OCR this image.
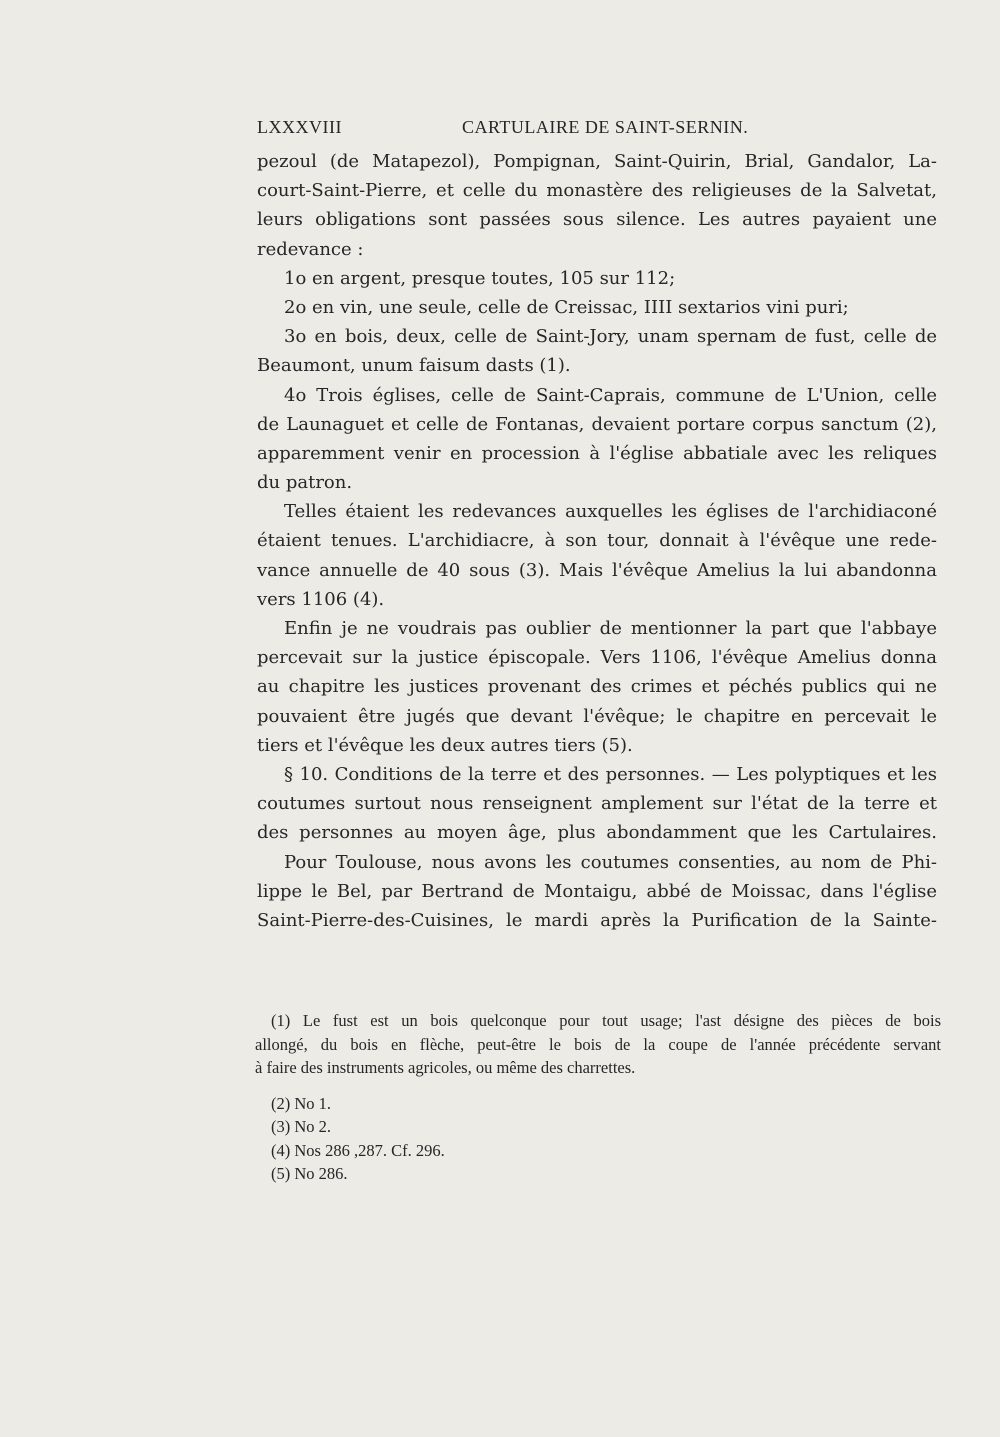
LXXXVIII	CARTULAIRE DE SAINT-SERNIN.
pezoul (de Matapezol), Pompignan, Saint-Quirin, Brial, Gandalor, La-
court-Saint-Pierre, et celle du monastère des religieuses de la Salvetat,
leurs obligations sont passées sous silence. Les autres payaient une
redevance :
1o en argent, presque toutes, 105 sur 112;
2o en vin, une seule, celle de Creissac, IIII sextarios vini puri;
3o en bois, deux, celle de Saint-Jory, unam spernam de fust, celle de
Beaumont, unum faisum dasts (1).
4o Trois églises, celle de Saint-Caprais, commune de L'Union, celle
de Launaguet et celle de Fontanas, devaient portare corpus sanctum (2),
apparemment venir en procession à l'église abbatiale avec les reliques
du patron.
Telles étaient les redevances auxquelles les églises de l'archidiaconé
étaient tenues. L'archidiacre, à son tour, donnait à l'évêque une rede-
vance annuelle de 40 sous (3). Mais l'évêque Amelius la lui abandonna
vers 1106 (4).
Enfin je ne voudrais pas oublier de mentionner la part que l'abbaye
percevait sur la justice épiscopale. Vers 1106, l'évêque Amelius donna
au chapitre les justices provenant des crimes et péchés publics qui ne
pouvaient être jugés que devant l'évêque; le chapitre en percevait le
tiers et l'évêque les deux autres tiers (5).
§ 10. Conditions de la terre et des personnes. — Les polyptiques et les
coutumes surtout nous renseignent amplement sur l'état de la terre et
des personnes au moyen âge, plus abondamment que les Cartulaires.
Pour Toulouse, nous avons les coutumes consenties, au nom de Phi-
lippe le Bel, par Bertrand de Montaigu, abbé de Moissac, dans l'église
Saint-Pierre-des-Cuisines, le mardi après la Purification de la Sainte-
(1) Le fust est un bois quelconque pour tout usage; l'ast désigne des pièces de bois
allongé, du bois en flèche, peut-être le bois de la coupe de l'année précédente servant
à faire des instruments agricoles, ou même des charrettes.
(2) No 1.
(3) No 2.
(4) Nos 286 ,287. Cf. 296.
(5) No 286.
